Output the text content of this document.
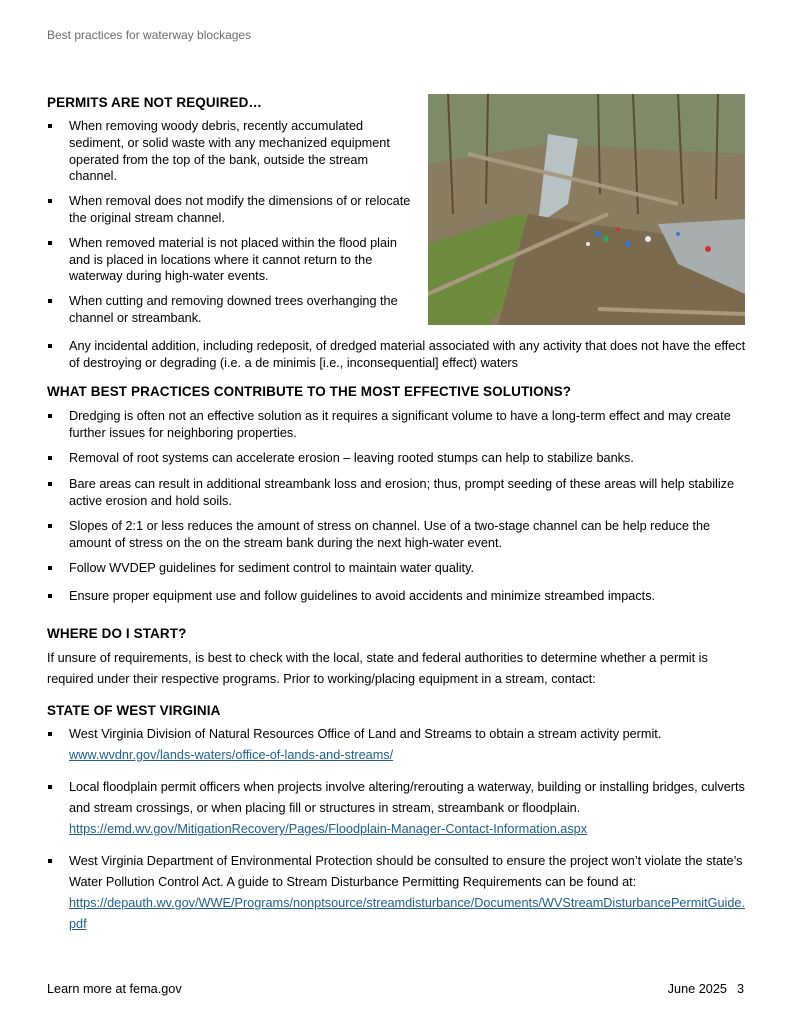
Best practices for waterway blockages
PERMITS ARE NOT REQUIRED…
When removing woody debris, recently accumulated sediment, or solid waste with any mechanized equipment operated from the top of the bank, outside the stream channel.
When removal does not modify the dimensions of or relocate the original stream channel.
When removed material is not placed within the flood plain and is placed in locations where it cannot return to the waterway during high-water events.
When cutting and removing downed trees overhanging the channel or streambank.
Any incidental addition, including redeposit, of dredged material associated with any activity that does not have the effect of destroying or degrading (i.e. a de minimis [i.e., inconsequential] effect) waters
WHAT BEST PRACTICES CONTRIBUTE TO THE MOST EFFECTIVE SOLUTIONS?
Dredging is often not an effective solution as it requires a significant volume to have a long-term effect and may create further issues for neighboring properties.
Removal of root systems can accelerate erosion – leaving rooted stumps can help to stabilize banks.
Bare areas can result in additional streambank loss and erosion; thus, prompt seeding of these areas will help stabilize active erosion and hold soils.
Slopes of 2:1 or less reduces the amount of stress on channel. Use of a two-stage channel can be help reduce the amount of stress on the on the stream bank during the next high-water event.
Follow WVDEP guidelines for sediment control to maintain water quality.
Ensure proper equipment use and follow guidelines to avoid accidents and minimize streambed impacts.
WHERE DO I START?
If unsure of requirements, is best to check with the local, state and federal authorities to determine whether a permit is required under their respective programs. Prior to working/placing equipment in a stream, contact:
STATE OF WEST VIRGINIA
West Virginia Division of Natural Resources Office of Land and Streams to obtain a stream activity permit.
www.wvdnr.gov/lands-waters/office-of-lands-and-streams/
Local floodplain permit officers when projects involve altering/rerouting a waterway, building or installing bridges, culverts and stream crossings, or when placing fill or structures in stream, streambank or floodplain.
https://emd.wv.gov/MitigationRecovery/Pages/Floodplain-Manager-Contact-Information.aspx
West Virginia Department of Environmental Protection should be consulted to ensure the project won’t violate the state’s Water Pollution Control Act. A guide to Stream Disturbance Permitting Requirements can be found at:
https://depauth.wv.gov/WWE/Programs/nonptsource/streamdisturbance/Documents/WVStreamDisturbancePermitGuide.pdf
Learn more at fema.gov	June 2025 3
